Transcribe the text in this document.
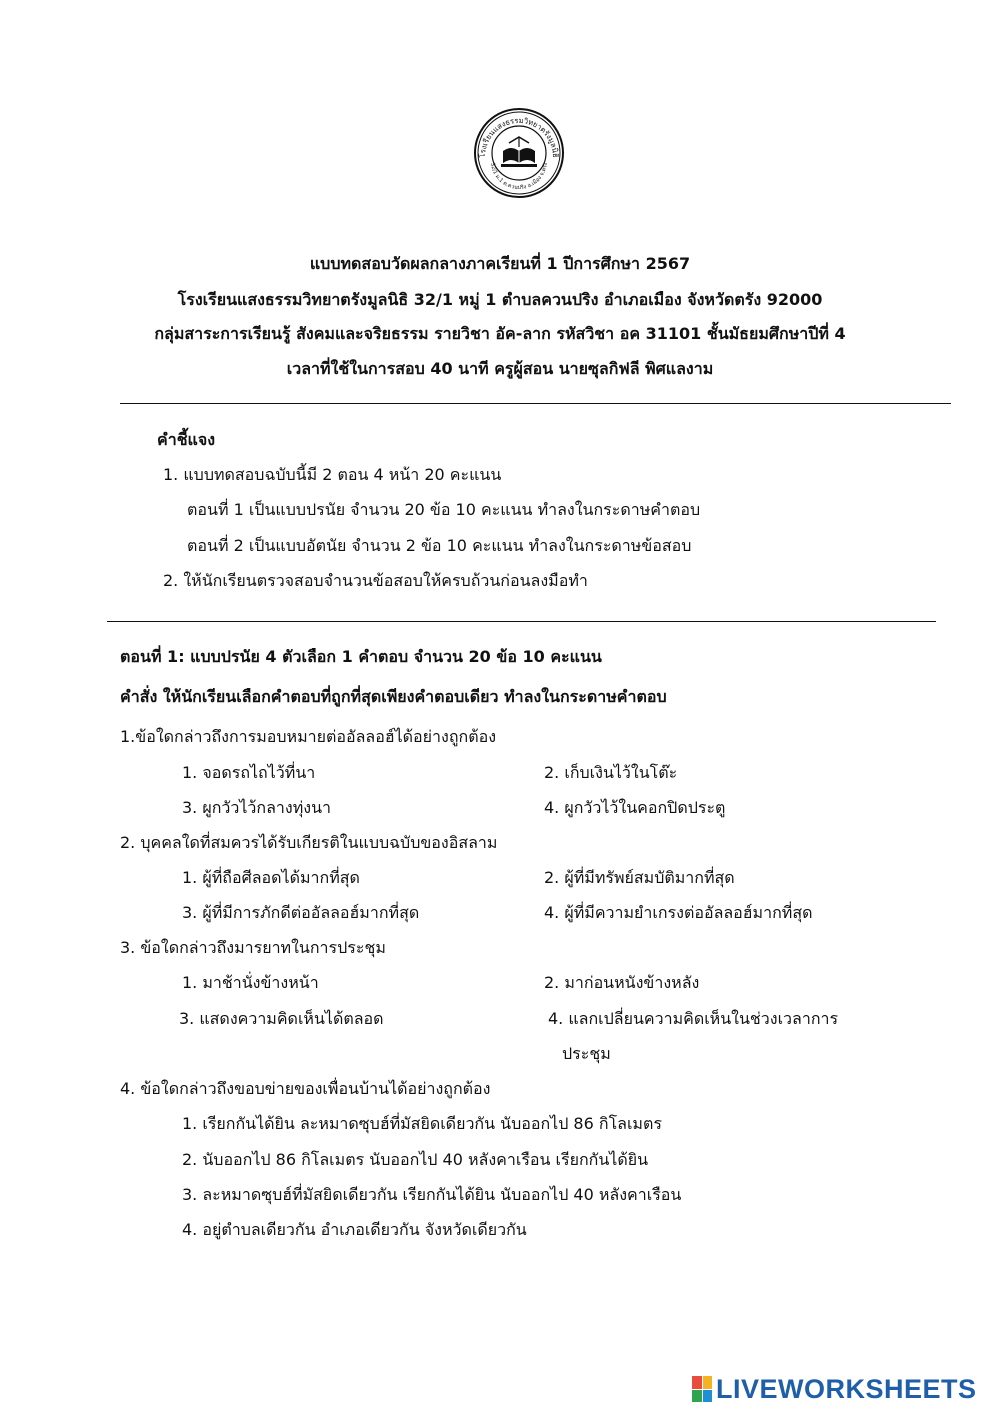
โรงเรียนแสงธรรมวิทยาตรังมูลนิธิ
32/1 ม.1 ต.ควนปริง อ.เมือง จ.ตรัง
แบบทดสอบวัดผลกลางภาคเรียนที่ 1 ปีการศึกษา 2567
โรงเรียนแสงธรรมวิทยาตรังมูลนิธิ 32/1 หมู่ 1 ตำบลควนปริง อำเภอเมือง จังหวัดตรัง 92000
กลุ่มสาระการเรียนรู้ สังคมและจริยธรรม รายวิชา อัค-ลาก รหัสวิชา อค 31101 ชั้นมัธยมศึกษาปีที่ 4
เวลาที่ใช้ในการสอบ 40 นาที ครูผู้สอน นายซุลกิฟลี พิศแลงาม
คำชี้แจง
1. แบบทดสอบฉบับนี้มี 2 ตอน 4 หน้า 20 คะแนน
ตอนที่ 1 เป็นแบบปรนัย จำนวน 20 ข้อ 10 คะแนน ทำลงในกระดาษคำตอบ
ตอนที่ 2 เป็นแบบอัตนัย จำนวน 2 ข้อ 10 คะแนน ทำลงในกระดาษข้อสอบ
2. ให้นักเรียนตรวจสอบจำนวนข้อสอบให้ครบถ้วนก่อนลงมือทำ
ตอนที่ 1: แบบปรนัย 4 ตัวเลือก 1 คำตอบ จำนวน 20 ข้อ 10 คะแนน
คำสั่ง ให้นักเรียนเลือกคำตอบที่ถูกที่สุดเพียงคำตอบเดียว ทำลงในกระดาษคำตอบ
1.ข้อใดกล่าวถึงการมอบหมายต่ออัลลอฮ์ได้อย่างถูกต้อง
1. จอดรถไถไว้ที่นา	2. เก็บเงินไว้ในโต๊ะ
3. ผูกวัวไว้กลางทุ่งนา	4. ผูกวัวไว้ในคอกปิดประตู
2. บุคคลใดที่สมควรได้รับเกียรติในแบบฉบับของอิสลาม
1. ผู้ที่ถือศีลอดได้มากที่สุด	2. ผู้ที่มีทรัพย์สมบัติมากที่สุด
3. ผู้ที่มีการภักดีต่ออัลลอฮ์มากที่สุด	4. ผู้ที่มีความยำเกรงต่ออัลลอฮ์มากที่สุด
3. ข้อใดกล่าวถึงมารยาทในการประชุม
1. มาช้านั่งข้างหน้า	2. มาก่อนหนังข้างหลัง
3. แสดงความคิดเห็นได้ตลอด	4. แลกเปลี่ยนความคิดเห็นในช่วงเวลาการ
ประชุม
4. ข้อใดกล่าวถึงขอบข่ายของเพื่อนบ้านได้อย่างถูกต้อง
1. เรียกกันได้ยิน ละหมาดซุบฮ์ที่มัสยิดเดียวกัน นับออกไป 86 กิโลเมตร
2. นับออกไป 86 กิโลเมตร นับออกไป 40 หลังคาเรือน เรียกกันได้ยิน
3. ละหมาดซุบฮ์ที่มัสยิดเดียวกัน เรียกกันได้ยิน นับออกไป 40 หลังคาเรือน
4. อยู่ตำบลเดียวกัน อำเภอเดียวกัน จังหวัดเดียวกัน
LIVEWORKSHEETS
